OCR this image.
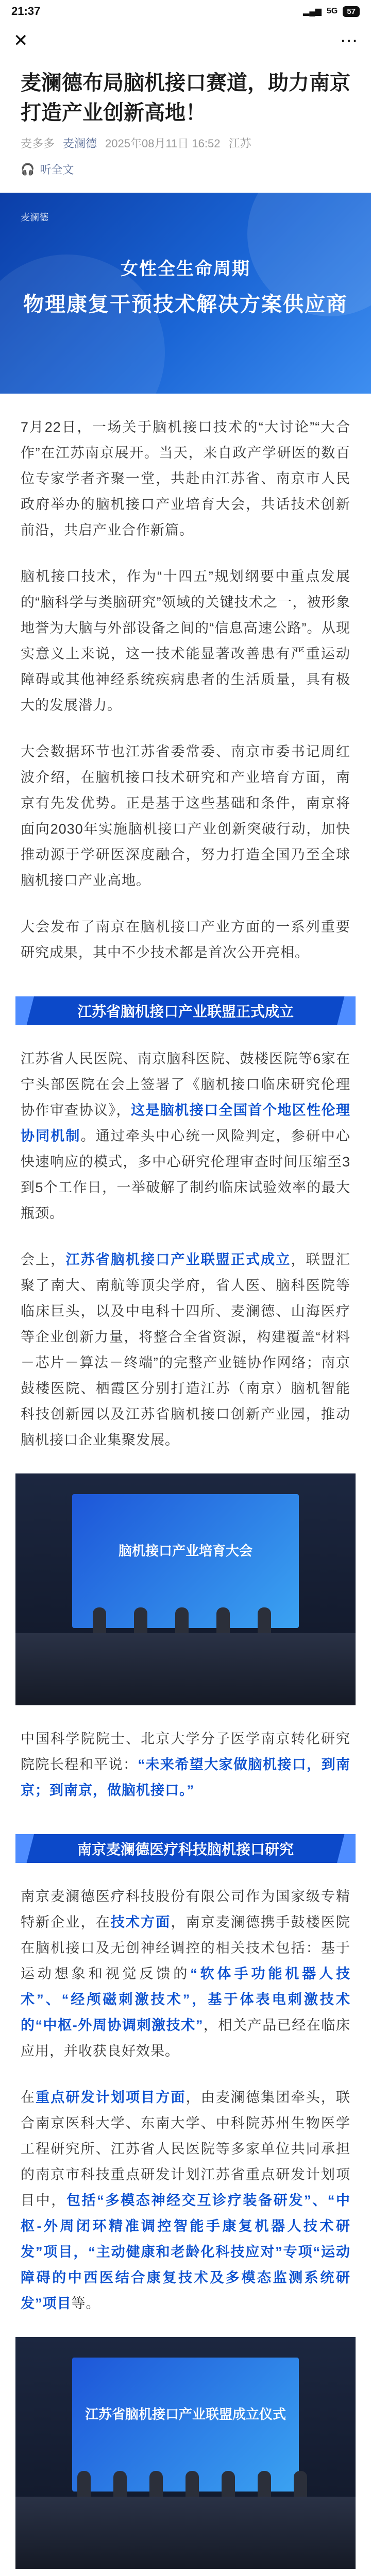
21:37	▂▄▆ 5G	57
✕	⋯
麦澜德布局脑机接口赛道，助力南京打造产业创新高地！
麦多多 麦澜德 2025年08月11日 16:52 江苏
🎧 听全文
麦澜德
女性全生命周期
物理康复干预技术解决方案供应商

7月22日，一场关于脑机接口技术的“大讨论”“大合作”在江苏南京展开。当天，来自政产学研医的数百位专家学者齐聚一堂，共赴由江苏省、南京市人民政府举办的脑机接口产业培育大会，共话技术创新前沿，共启产业合作新篇。

脑机接口技术，作为“十四五”规划纲要中重点发展的“脑科学与类脑研究”领域的关键技术之一，被形象地誉为大脑与外部设备之间的“信息高速公路”。从现实意义上来说，这一技术能显著改善患有严重运动障碍或其他神经系统疾病患者的生活质量，具有极大的发展潜力。

大会数据环节也江苏省委常委、南京市委书记周红波介绍，在脑机接口技术研究和产业培育方面，南京有先发优势。正是基于这些基础和条件，南京将面向2030年实施脑机接口产业创新突破行动，加快推动源于学研医深度融合，努力打造全国乃至全球脑机接口产业高地。

大会发布了南京在脑机接口产业方面的一系列重要研究成果，其中不少技术都是首次公开亮相。

江苏省脑机接口产业联盟正式成立

江苏省人民医院、南京脑科医院、鼓楼医院等6家在宁头部医院在会上签署了《脑机接口临床研究伦理协作审查协议》，这是脑机接口全国首个地区性伦理协同机制。通过牵头中心统一风险判定，参研中心快速响应的模式，多中心研究伦理审查时间压缩至3到5个工作日，一举破解了制约临床试验效率的最大瓶颈。

会上，江苏省脑机接口产业联盟正式成立，联盟汇聚了南大、南航等顶尖学府，省人医、脑科医院等临床巨头，以及中电科十四所、麦澜德、山海医疗等企业创新力量，将整合全省资源，构建覆盖“材料－芯片－算法－终端”的完整产业链协作网络；南京鼓楼医院、栖霞区分别打造江苏（南京）脑机智能科技创新园以及江苏省脑机接口创新产业园，推动脑机接口企业集聚发展。

脑机接口产业培育大会

中国科学院院士、北京大学分子医学南京转化研究院院长程和平说：“未来希望大家做脑机接口，到南京；到南京，做脑机接口。”

南京麦澜德医疗科技脑机接口研究

南京麦澜德医疗科技股份有限公司作为国家级专精特新企业，在技术方面，南京麦澜德携手鼓楼医院在脑机接口及无创神经调控的相关技术包括：基于运动想象和视觉反馈的“软体手功能机器人技术”、“经颅磁刺激技术”，基于体表电刺激技术的“中枢-外周协调刺激技术”，相关产品已经在临床应用，并收获良好效果。

在重点研发计划项目方面，由麦澜德集团牵头，联合南京医科大学、东南大学、中科院苏州生物医学工程研究所、江苏省人民医院等多家单位共同承担的南京市科技重点研发计划江苏省重点研发计划项目中，包括“多模态神经交互诊疗装备研发”、“中枢-外周闭环精准调控智能手康复机器人技术研发”项目，“主动健康和老龄化科技应对”专项“运动障碍的中西医结合康复技术及多模态监测系统研发”项目等。

江苏省脑机接口产业联盟成立仪式
